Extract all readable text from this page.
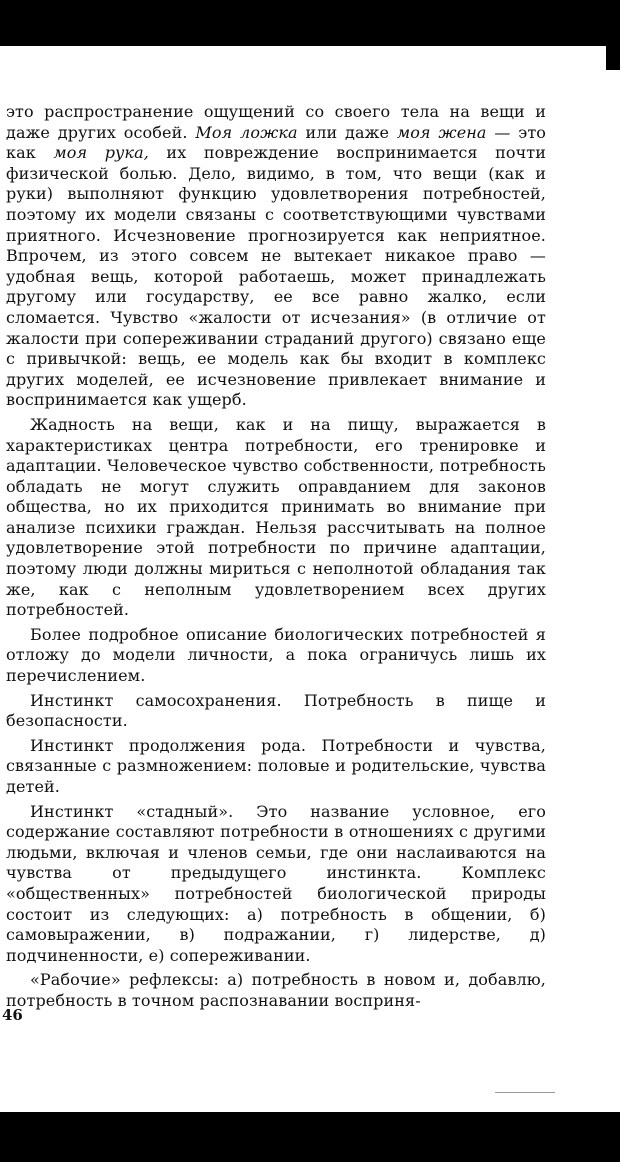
это распространение ощущений со своего тела на вещи и даже других особей. Моя ложка или даже моя жена — это как моя рука, их повреждение воспринимается почти физической болью. Дело, видимо, в том, что вещи (как и руки) выполняют функцию удовлетворения потребностей, поэтому их модели связаны с соответствующими чувствами приятного. Исчезновение прогнозируется как неприятное. Впрочем, из этого совсем не вытекает никакое право — удобная вещь, которой работаешь, может принадлежать другому или государству, ее все равно жалко, если сломается. Чувство «жалости от исчезания» (в отличие от жалости при сопереживании страданий другого) связано еще с привычкой: вещь, ее модель как бы входит в комплекс других моделей, ее исчезновение привлекает внимание и воспринимается как ущерб.

Жадность на вещи, как и на пищу, выражается в характеристиках центра потребности, его тренировке и адаптации. Человеческое чувство собственности, потребность обладать не могут служить оправданием для законов общества, но их приходится принимать во внимание при анализе психики граждан. Нельзя рассчитывать на полное удовлетворение этой потребности по причине адаптации, поэтому люди должны мириться с неполнотой обладания так же, как с неполным удовлетворением всех других потребностей.

Более подробное описание биологических потребностей я отложу до модели личности, а пока ограничусь лишь их перечислением.

Инстинкт самосохранения. Потребность в пище и безопасности.

Инстинкт продолжения рода. Потребности и чувства, связанные с размножением: половые и родительские, чувства детей.

Инстинкт «стадный». Это название условное, его содержание составляют потребности в отношениях с другими людьми, включая и членов семьи, где они наслаиваются на чувства от предыдущего инстинкта. Комплекс «общественных» потребностей биологической природы состоит из следующих: а) потребность в общении, б) самовыражении, в) подражании, г) лидерстве, д) подчиненности, е) сопереживании.

«Рабочие» рефлексы: а) потребность в новом и, добавлю, потребность в точном распознавании восприня-

46
